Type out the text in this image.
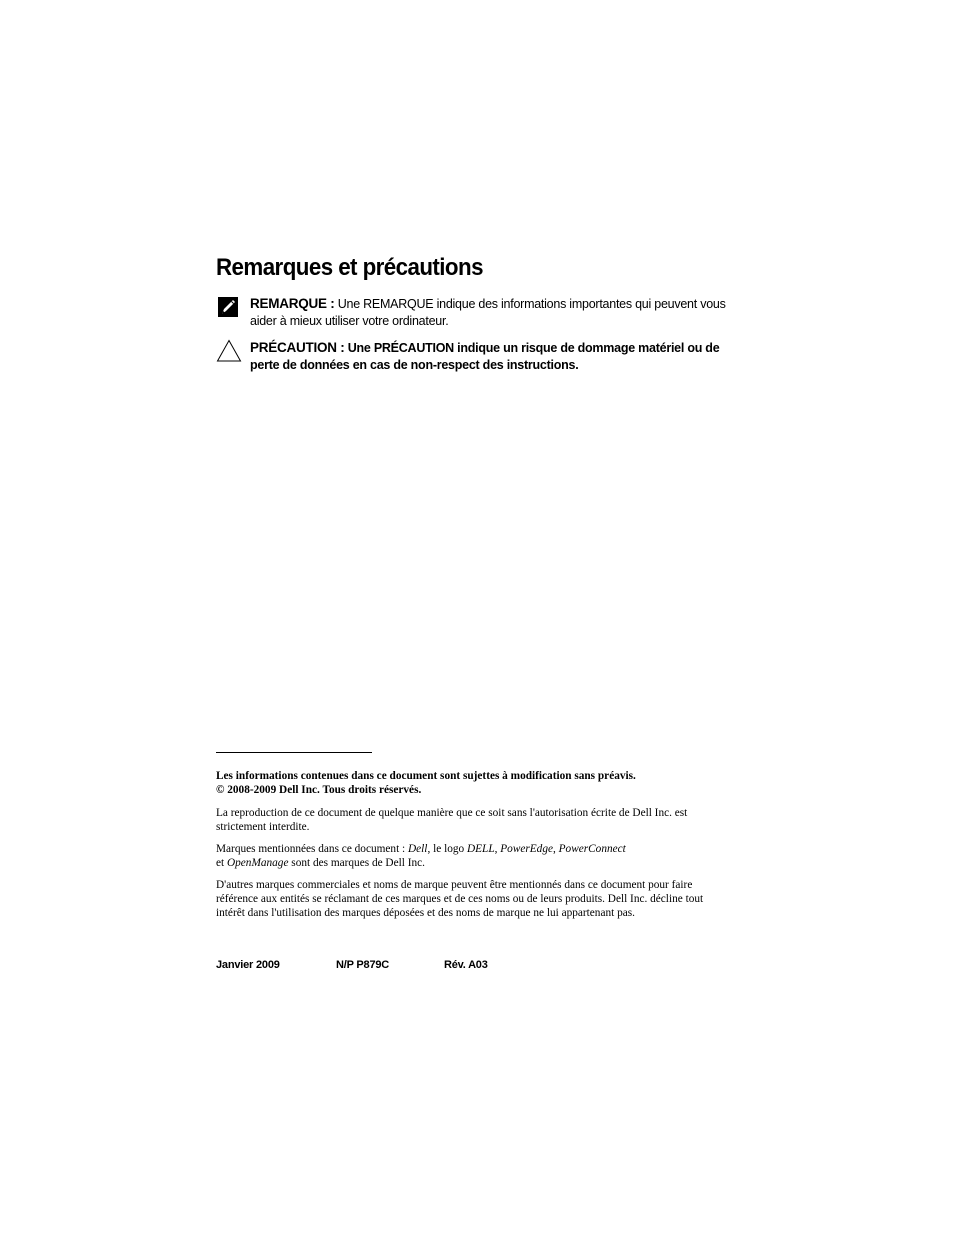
Remarques et précautions
REMARQUE : Une REMARQUE indique des informations importantes qui peuvent vous aider à mieux utiliser votre ordinateur.
PRÉCAUTION : Une PRÉCAUTION indique un risque de dommage matériel ou de perte de données en cas de non-respect des instructions.

Les informations contenues dans ce document sont sujettes à modification sans préavis.
© 2008-2009 Dell Inc. Tous droits réservés.

La reproduction de ce document de quelque manière que ce soit sans l'autorisation écrite de Dell Inc. est strictement interdite.

Marques mentionnées dans ce document : Dell, le logo DELL, PowerEdge, PowerConnect
et OpenManage sont des marques de Dell Inc.

D'autres marques commerciales et noms de marque peuvent être mentionnés dans ce document pour faire référence aux entités se réclamant de ces marques et de ces noms ou de leurs produits. Dell Inc. décline tout intérêt dans l'utilisation des marques déposées et des noms de marque ne lui appartenant pas.

Janvier 2009	N/P P879C	Rév. A03
